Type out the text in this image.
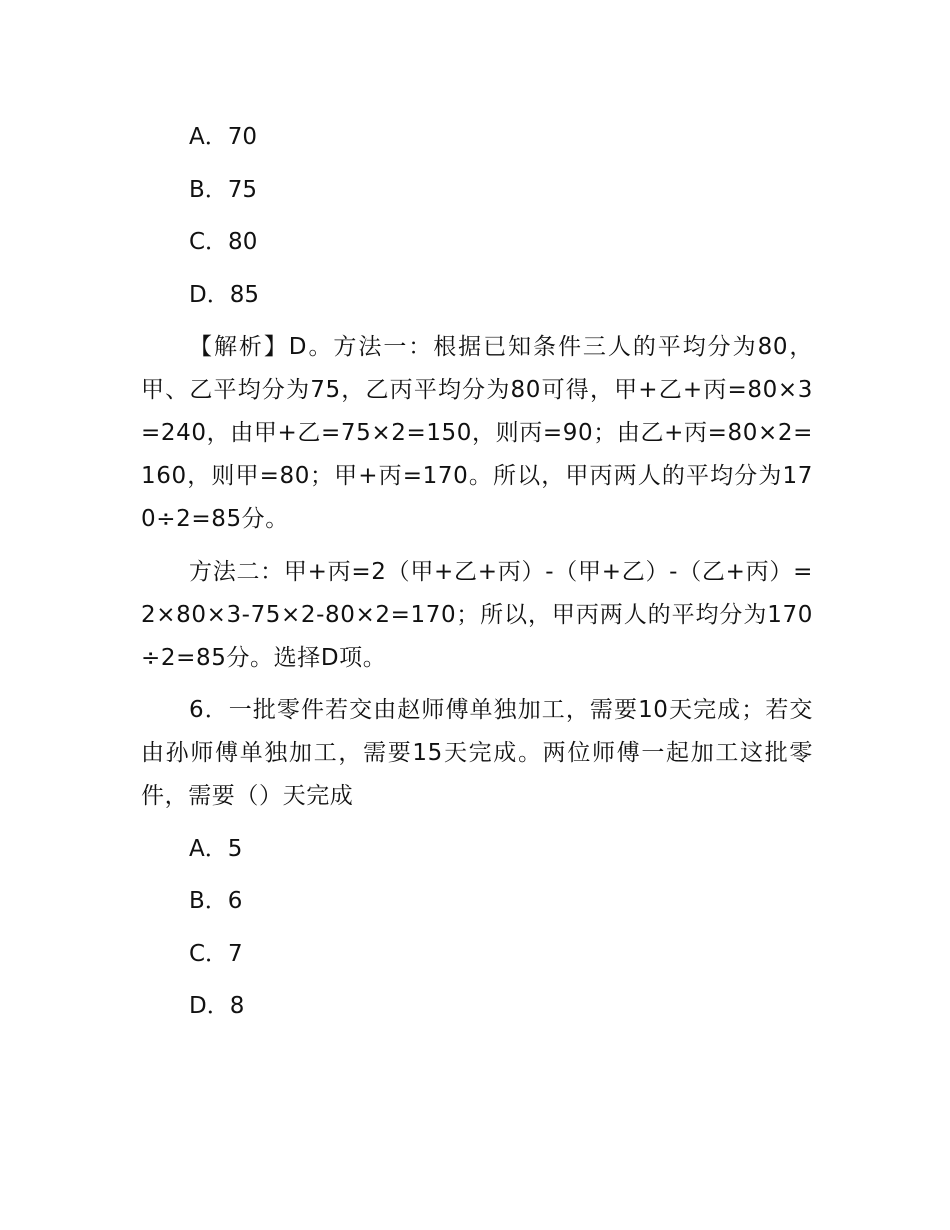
A．70
B．75
C．80
D．85

【解析】D。方法一：根据已知条件三人的平均分为80，甲、乙平均分为75，乙丙平均分为80可得，甲+乙+丙=80×3=240，由甲+乙=75×2=150，则丙=90；由乙+丙=80×2=160，则甲=80；甲+丙=170。所以，甲丙两人的平均分为170÷2=85分。

方法二：甲+丙=2（甲+乙+丙）-（甲+乙）-（乙+丙）=2×80×3-75×2-80×2=170；所以，甲丙两人的平均分为170÷2=85分。选择D项。

6．一批零件若交由赵师傅单独加工，需要10天完成；若交由孙师傅单独加工，需要15天完成。两位师傅一起加工这批零件，需要（）天完成

A．5
B．6
C．7
D．8
